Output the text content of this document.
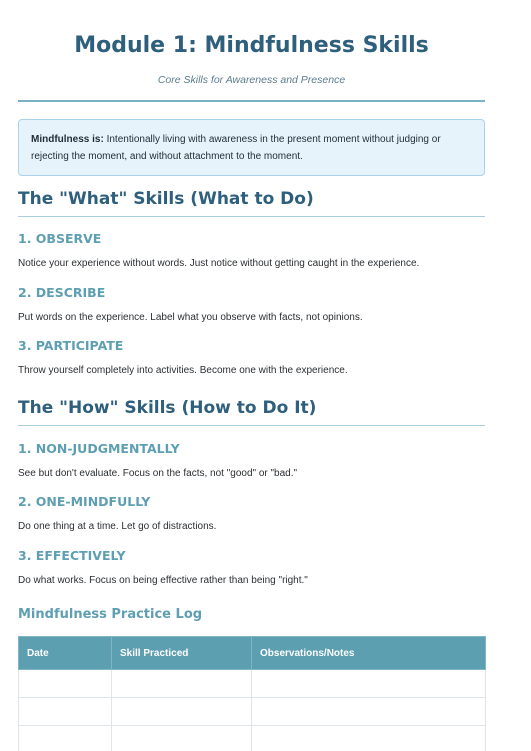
Module 1: Mindfulness Skills
Core Skills for Awareness and Presence
Mindfulness is: Intentionally living with awareness in the present moment without judging or rejecting the moment, and without attachment to the moment.
The "What" Skills (What to Do)
1. OBSERVE
Notice your experience without words. Just notice without getting caught in the experience.
2. DESCRIBE
Put words on the experience. Label what you observe with facts, not opinions.
3. PARTICIPATE
Throw yourself completely into activities. Become one with the experience.
The "How" Skills (How to Do It)
1. NON-JUDGMENTALLY
See but don't evaluate. Focus on the facts, not "good" or "bad."
2. ONE-MINDFULLY
Do one thing at a time. Let go of distractions.
3. EFFECTIVELY
Do what works. Focus on being effective rather than being "right."
Mindfulness Practice Log
Date	Skill Practiced	Observations/Notes
